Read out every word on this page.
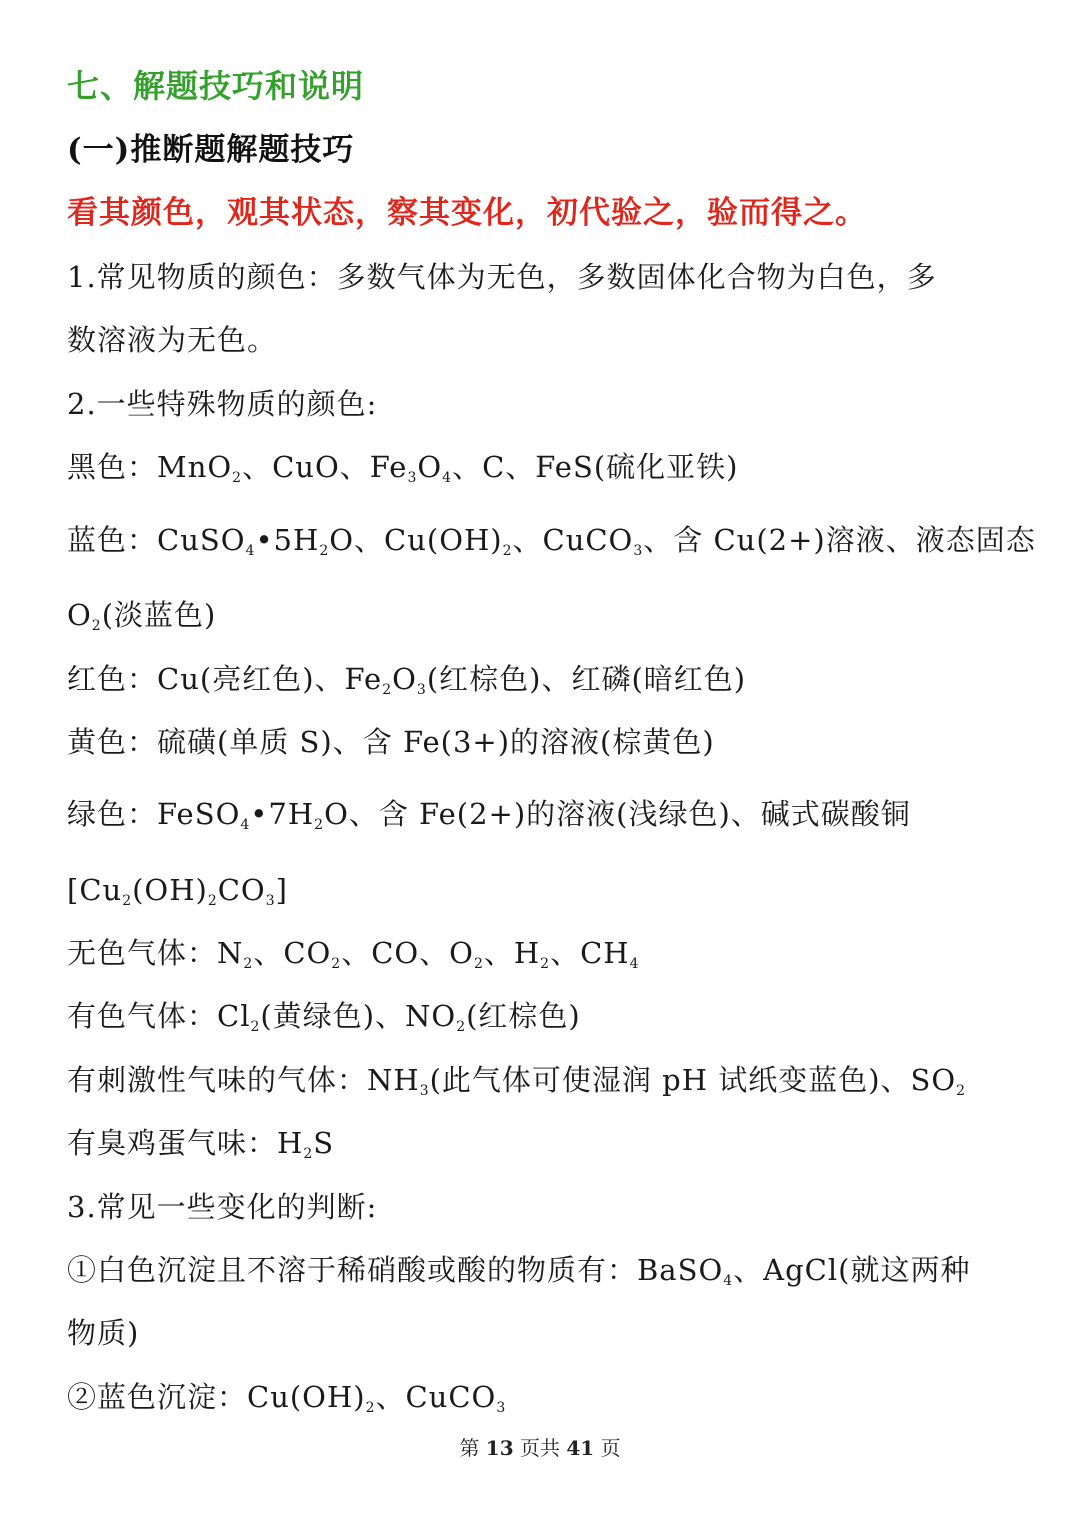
七、解题技巧和说明
(一)推断题解题技巧
看其颜色，观其状态，察其变化，初代验之，验而得之。
1.常见物质的颜色：多数气体为无色，多数固体化合物为白色，多
数溶液为无色。
2.一些特殊物质的颜色:
黑色：MnO$_2$、CuO、$Fe_3O_4$、C、FeS(硫化亚铁)
蓝色：$CuSO_4•5H_2O$、$Cu(OH)_2$、CuCO$_3$、含 Cu(2+)溶液、液态固态
$O_2$(淡蓝色)
红色：Cu(亮红色)、$Fe_2O_3$(红棕色)、红磷(暗红色)
黄色：硫磺(单质 S)、含 Fe(3+)的溶液(棕黄色)
绿色：$FeSO_4•7H_2O$、含 Fe(2+)的溶液(浅绿色)、碱式碳酸铜
$[Cu_2(OH)_2CO_3]$
无色气体：$N_2$、$CO_2$、CO、$O_2$、$H_2$、$CH_4$
有色气体：$Cl_2$(黄绿色)、$NO_2$(红棕色)
有刺激性气味的气体：$NH_3$(此气体可使湿润 pH 试纸变蓝色)、$SO_2$
有臭鸡蛋气味：$H_2S$
3.常见一些变化的判断:
①白色沉淀且不溶于稀硝酸或酸的物质有：BaSO$_4$、AgCl(就这两种
物质)
②蓝色沉淀：$Cu(OH)_2$、CuCO$_3$
第 13 页共 41 页
